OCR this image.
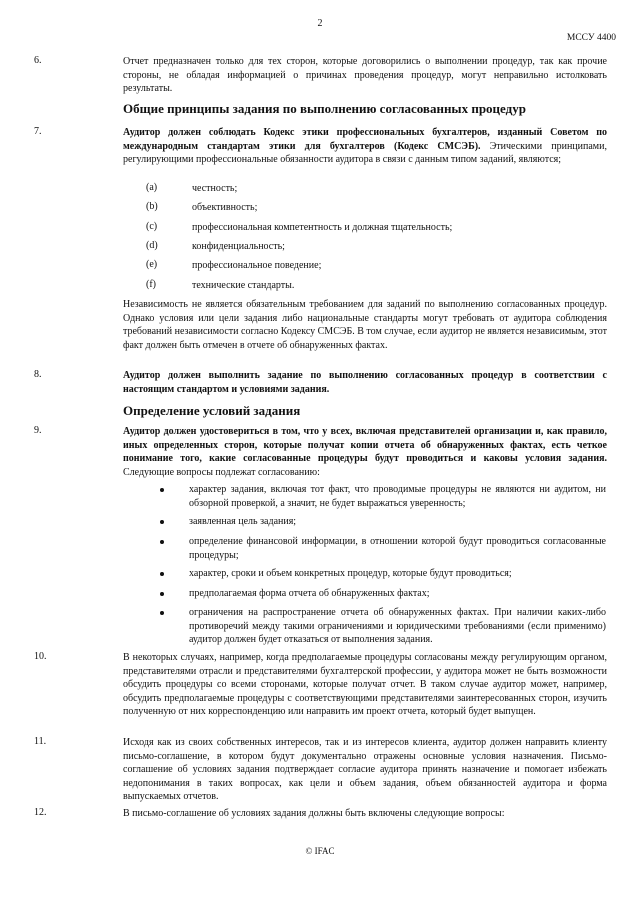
2
МССУ 4400
6.	Отчет предназначен только для тех сторон, которые договорились о выполнении процедур, так как прочие стороны, не обладая информацией о причинах проведения процедур, могут неправильно истолковать результаты.

Общие принципы задания по выполнению согласованных процедур
7.	Аудитор должен соблюдать Кодекс этики профессиональных бухгалтеров, изданный Советом по международным стандартам этики для бухгалтеров (Кодекс СМСЭБ). Этическими принципами, регулирующими профессиональные обязанности аудитора в связи с данным типом заданий, являются;

(a)	честность;
(b)	объективность;
(c)	профессиональная компетентность и должная тщательность;
(d)	конфиденциальность;
(e)	профессиональное поведение;
(f)	технические стандарты.

Независимость не является обязательным требованием для заданий по выполнению согласованных процедур. Однако условия или цели задания либо национальные стандарты могут требовать от аудитора соблюдения требований независимости согласно Кодексу СМСЭБ. В том случае, если аудитор не является независимым, этот факт должен быть отмечен в отчете об обнаруженных фактах.

8.	Аудитор должен выполнить задание по выполнению согласованных процедур в соответствии с настоящим стандартом и условиями задания.

Определение условий задания
9.	Аудитор должен удостовериться в том, что у всех, включая представителей организации и, как правило, иных определенных сторон, которые получат копии отчета об обнаруженных фактах, есть четкое понимание того, какие согласованные процедуры будут проводиться и каковы условия задания. Следующие вопросы подлежат согласованию:

характер задания, включая тот факт, что проводимые процедуры не являются ни аудитом, ни обзорной проверкой, а значит, не будет выражаться уверенность;
заявленная цель задания;
определение финансовой информации, в отношении которой будут проводиться согласованные процедуры;
характер, сроки и объем конкретных процедур, которые будут проводиться;
предполагаемая форма отчета об обнаруженных фактах;
ограничения на распространение отчета об обнаруженных фактах. При наличии каких-либо противоречий между такими ограничениями и юридическими требованиями (если применимо) аудитор должен будет отказаться от выполнения задания.
10.	В некоторых случаях, например, когда предполагаемые процедуры согласованы между регулирующим органом, представителями отрасли и представителями бухгалтерской профессии, у аудитора может не быть возможности обсудить процедуры со всеми сторонами, которые получат отчет. В таком случае аудитор может, например, обсудить предполагаемые процедуры с соответствующими представителями заинтересованных сторон, изучить полученную от них корреспонденцию или направить им проект отчета, который будет выпущен.

11.	Исходя как из своих собственных интересов, так и из интересов клиента, аудитор должен направить клиенту письмо-соглашение, в котором будут документально отражены основные условия назначения. Письмо-соглашение об условиях задания подтверждает согласие аудитора принять назначение и помогает избежать недопонимания в таких вопросах, как цели и объем задания, объем обязанностей аудитора и форма выпускаемых отчетов.

12.	В письмо-соглашение об условиях задания должны быть включены следующие вопросы:

© IFAC
